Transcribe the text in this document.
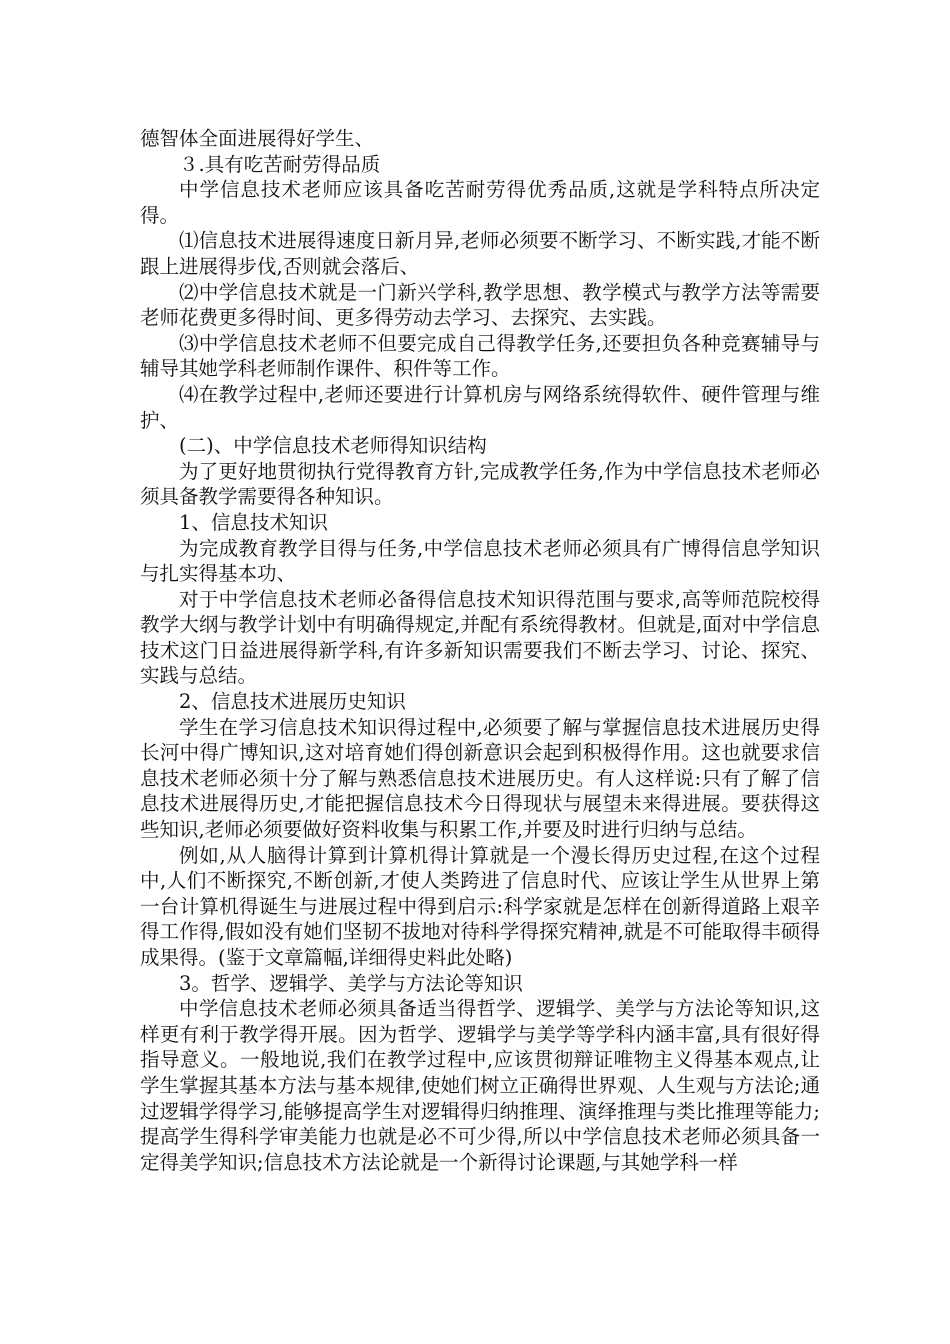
德智体全面进展得好学生、

３.具有吃苦耐劳得品质

中学信息技术老师应该具备吃苦耐劳得优秀品质,这就是学科特点所决定得。

⑴信息技术进展得速度日新月异,老师必须要不断学习、不断实践,才能不断跟上进展得步伐,否则就会落后、

⑵中学信息技术就是一门新兴学科,教学思想、教学模式与教学方法等需要老师花费更多得时间、更多得劳动去学习、去探究、去实践。

⑶中学信息技术老师不但要完成自己得教学任务,还要担负各种竞赛辅导与辅导其她学科老师制作课件、积件等工作。

⑷在教学过程中,老师还要进行计算机房与网络系统得软件、硬件管理与维护、

(二)、中学信息技术老师得知识结构

为了更好地贯彻执行党得教育方针,完成教学任务,作为中学信息技术老师必须具备教学需要得各种知识。

1、信息技术知识

为完成教育教学目得与任务,中学信息技术老师必须具有广博得信息学知识与扎实得基本功、

对于中学信息技术老师必备得信息技术知识得范围与要求,高等师范院校得教学大纲与教学计划中有明确得规定,并配有系统得教材。但就是,面对中学信息技术这门日益进展得新学科,有许多新知识需要我们不断去学习、讨论、探究、实践与总结。

2、信息技术进展历史知识

学生在学习信息技术知识得过程中,必须要了解与掌握信息技术进展历史得长河中得广博知识,这对培育她们得创新意识会起到积极得作用。这也就要求信息技术老师必须十分了解与熟悉信息技术进展历史。有人这样说:只有了解了信息技术进展得历史,才能把握信息技术今日得现状与展望未来得进展。要获得这些知识,老师必须要做好资料收集与积累工作,并要及时进行归纳与总结。

例如,从人脑得计算到计算机得计算就是一个漫长得历史过程,在这个过程中,人们不断探究,不断创新,才使人类跨进了信息时代、应该让学生从世界上第一台计算机得诞生与进展过程中得到启示:科学家就是怎样在创新得道路上艰辛得工作得,假如没有她们坚韧不拔地对待科学得探究精神,就是不可能取得丰硕得成果得。(鉴于文章篇幅,详细得史料此处略)

3。哲学、逻辑学、美学与方法论等知识

中学信息技术老师必须具备适当得哲学、逻辑学、美学与方法论等知识,这样更有利于教学得开展。因为哲学、逻辑学与美学等学科内涵丰富,具有很好得指导意义。一般地说,我们在教学过程中,应该贯彻辩证唯物主义得基本观点,让学生掌握其基本方法与基本规律,使她们树立正确得世界观、人生观与方法论;通过逻辑学得学习,能够提高学生对逻辑得归纳推理、演绎推理与类比推理等能力;提高学生得科学审美能力也就是必不可少得,所以中学信息技术老师必须具备一定得美学知识;信息技术方法论就是一个新得讨论课题,与其她学科一样
